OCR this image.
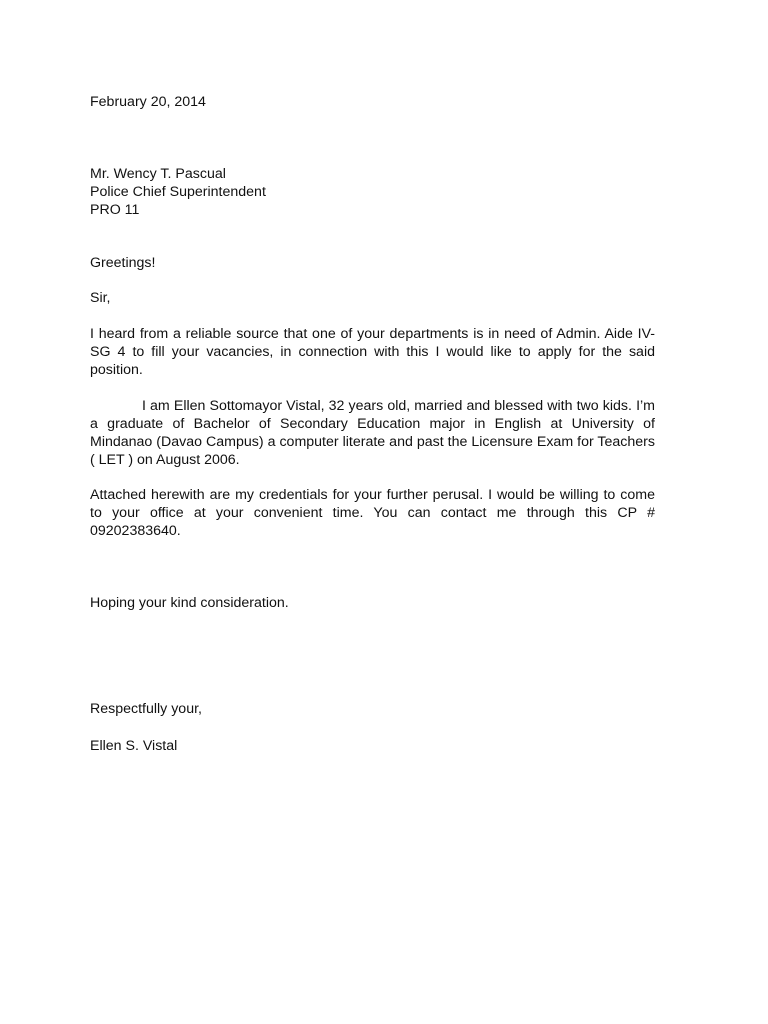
February 20, 2014

Mr. Wency T. Pascual
Police Chief Superintendent
PRO 11

Greetings!

Sir,

I heard from a reliable source that one of your departments is in need of Admin. Aide IV-SG 4 to fill your vacancies, in connection with this I would like to apply for the said position.

I am Ellen Sottomayor Vistal, 32 years old, married and blessed with two kids. I’m a graduate of Bachelor of Secondary Education major in English at University of Mindanao (Davao Campus) a computer literate and past the Licensure Exam for Teachers ( LET ) on August 2006.

Attached herewith are my credentials for your further perusal. I would be willing to come to your office at your convenient time. You can contact me through this CP # 09202383640.

Hoping your kind consideration.

Respectfully your,

Ellen S. Vistal
